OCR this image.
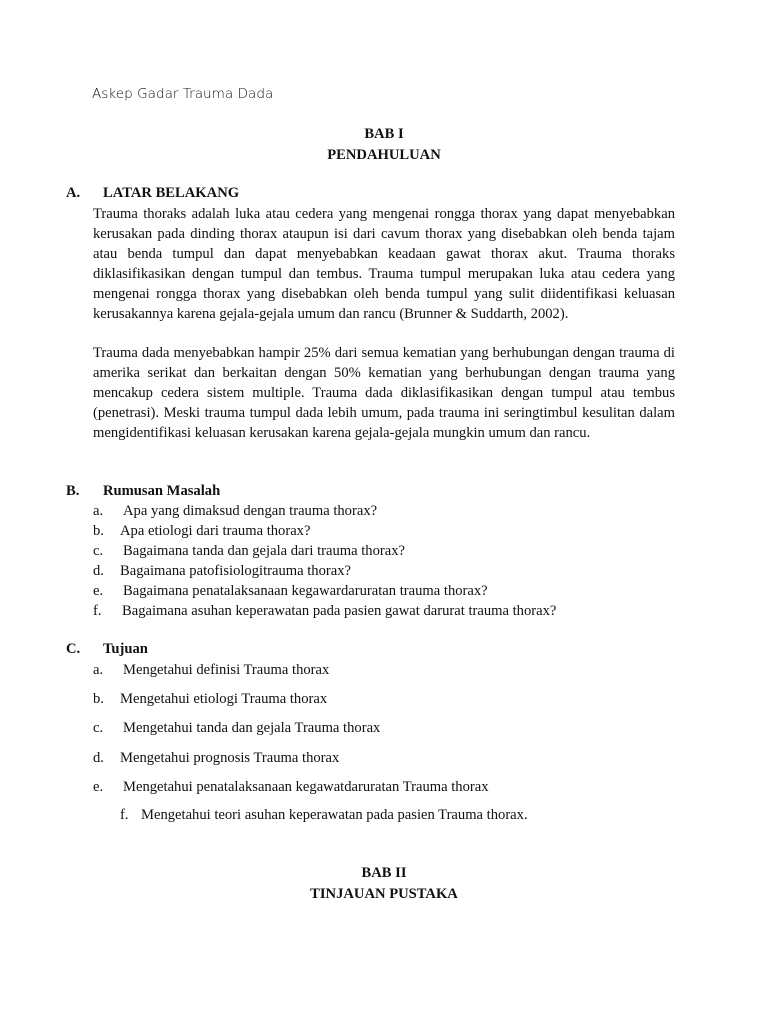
Askep Gadar Trauma Dada
BAB I
PENDAHULUAN
A. LATAR BELAKANG

Trauma thoraks adalah luka atau cedera yang mengenai rongga thorax yang dapat menyebabkan kerusakan pada dinding thorax ataupun isi dari cavum thorax yang disebabkan oleh benda tajam atau benda tumpul dan dapat menyebabkan keadaan gawat thorax akut. Trauma thoraks diklasifikasikan dengan tumpul dan tembus. Trauma tumpul merupakan luka atau cedera yang mengenai rongga thorax yang disebabkan oleh benda tumpul yang sulit diidentifikasi keluasan kerusakannya karena gejala-gejala umum dan rancu (Brunner & Suddarth, 2002).

Trauma dada menyebabkan hampir 25% dari semua kematian yang berhubungan dengan trauma di amerika serikat dan berkaitan dengan 50% kematian yang berhubungan dengan trauma yang mencakup cedera sistem multiple. Trauma dada diklasifikasikan dengan tumpul atau tembus (penetrasi). Meski trauma tumpul dada lebih umum, pada trauma ini seringtimbul kesulitan dalam mengidentifikasi keluasan kerusakan karena gejala-gejala mungkin umum dan rancu.

B. Rumusan Masalah
a. Apa yang dimaksud dengan trauma thorax?
b. Apa etiologi dari trauma thorax?
c. Bagaimana tanda dan gejala dari trauma thorax?
d. Bagaimana patofisiologitrauma thorax?
e. Bagaimana penatalaksanaan kegawardaruratan trauma thorax?
f. Bagaimana asuhan keperawatan pada pasien gawat darurat trauma thorax?
C. Tujuan
a. Mengetahui definisi Trauma thorax
b. Mengetahui etiologi Trauma thorax
c. Mengetahui tanda dan gejala Trauma thorax
d. Mengetahui prognosis Trauma thorax
e. Mengetahui penatalaksanaan kegawatdaruratan Trauma thorax
f. Mengetahui teori asuhan keperawatan pada pasien Trauma thorax.
BAB II
TINJAUAN PUSTAKA
